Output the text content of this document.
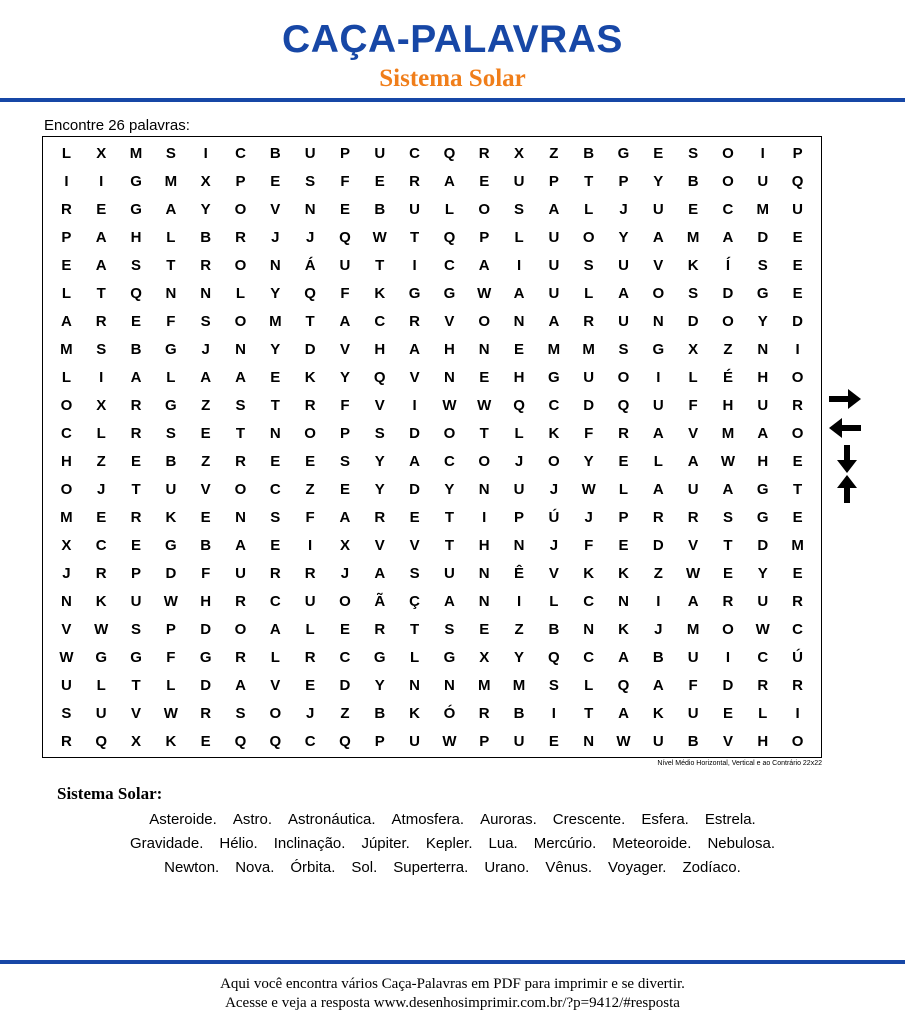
CAÇA-PALAVRAS
Sistema Solar
Encontre 26 palavras:
L	X	M	S	I	C	B	U	P	U	C	Q	R	X	Z	B	G	E	S	O	I	P
I	I	G	M	X	P	E	S	F	E	R	A	E	U	P	T	P	Y	B	O	U	Q
R	E	G	A	Y	O	V	N	E	B	U	L	O	S	A	L	J	U	E	C	M	U
P	A	H	L	B	R	J	J	Q	W	T	Q	P	L	U	O	Y	A	M	A	D	E
E	A	S	T	R	O	N	Á	U	T	I	C	A	I	U	S	U	V	K	Í	S	E
L	T	Q	N	N	L	Y	Q	F	K	G	G	W	A	U	L	A	O	S	D	G	E
A	R	E	F	S	O	M	T	A	C	R	V	O	N	A	R	U	N	D	O	Y	D
M	S	B	G	J	N	Y	D	V	H	A	H	N	E	M	M	S	G	X	Z	N	I
L	I	A	L	A	A	E	K	Y	Q	V	N	E	H	G	U	O	I	L	É	H	O
O	X	R	G	Z	S	T	R	F	V	I	W	W	Q	C	D	Q	U	F	H	U	R
C	L	R	S	E	T	N	O	P	S	D	O	T	L	K	F	R	A	V	M	A	O
H	Z	E	B	Z	R	E	E	S	Y	A	C	O	J	O	Y	E	L	A	W	H	E
O	J	T	U	V	O	C	Z	E	Y	D	Y	N	U	J	W	L	A	U	A	G	T
M	E	R	K	E	N	S	F	A	R	E	T	I	P	Ú	J	P	R	R	S	G	E
X	C	E	G	B	A	E	I	X	V	V	T	H	N	J	F	E	D	V	T	D	M
J	R	P	D	F	U	R	R	J	A	S	U	N	Ê	V	K	K	Z	W	E	Y	E
N	K	U	W	H	R	C	U	O	Ã	Ç	A	N	I	L	C	N	I	A	R	U	R
V	W	S	P	D	O	A	L	E	R	T	S	E	Z	B	N	K	J	M	O	W	C
W	G	G	F	G	R	L	R	C	G	L	G	X	Y	Q	C	A	B	U	I	C	Ú
U	L	T	L	D	A	V	E	D	Y	N	N	M	M	S	L	Q	A	F	D	R	R
S	U	V	W	R	S	O	J	Z	B	K	Ó	R	B	I	T	A	K	U	E	L	I
R	Q	X	K	E	Q	Q	C	Q	P	U	W	P	U	E	N	W	U	B	V	H	O
Nível Médio Horizontal, Vertical e ao Contrário 22x22
Sistema Solar:
Asteroide. Astro. Astronáutica. Atmosfera. Auroras. Crescente. Esfera. Estrela.
Gravidade. Hélio. Inclinação. Júpiter. Kepler. Lua. Mercúrio. Meteoroide. Nebulosa.
Newton. Nova. Órbita. Sol. Superterra. Urano. Vênus. Voyager. Zodíaco.
Aqui você encontra vários Caça-Palavras em PDF para imprimir e se divertir.
Acesse e veja a resposta www.desenhosimprimir.com.br/?p=9412/#resposta
